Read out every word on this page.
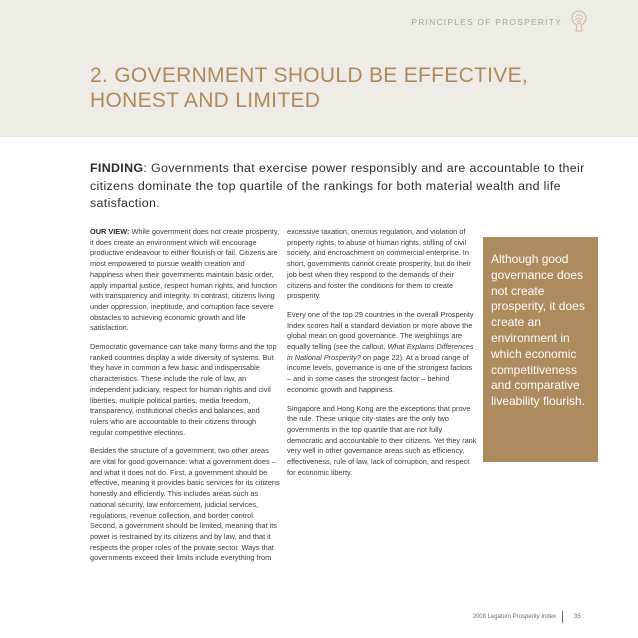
PRINCIPLES OF PROSPERITY
2. GOVERNMENT SHOULD BE EFFECTIVE,
HONEST AND LIMITED
FINDING: Governments that exercise power responsibly and are accountable to their citizens dominate the top quartile of the rankings for both material wealth and life satisfaction.

OUR VIEW: While government does not create prosperity, it does create an environment which will encourage productive endeavour to either flourish or fail. Citizens are most empowered to pursue wealth creation and happiness when their governments maintain basic order, apply impartial justice, respect human rights, and function with transparency and integrity. In contrast, citizens living under oppression, ineptitude, and corruption face severe obstacles to achieving economic growth and life satisfaction.

Democratic governance can take many forms and the top ranked countries display a wide diversity of systems. But they have in common a few basic and indispensable characteristics. These include the rule of law, an independent judiciary, respect for human rights and civil liberties, multiple political parties, media freedom, transparency, institutional checks and balances, and rulers who are accountable to their citizens through regular competitive elections.

Besides the structure of a government, two other areas are vital for good governance: what a government does – and what it does not do. First, a government should be effective, meaning it provides basic services for its citizens honestly and efficiently. This includes areas such as national security, law enforcement, judicial services, regulations, revenue collection, and border control. Second, a government should be limited, meaning that its power is restrained by its citizens and by law, and that it respects the proper roles of the private sector. Ways that governments exceed their limits include everything from

excessive taxation, onerous regulation, and violation of property rights, to abuse of human rights, stifling of civil society, and encroachment on commercial enterprise. In short, governments cannot create prosperity, but do their job best when they respond to the demands of their citizens and foster the conditions for them to create prosperity.

Every one of the top 29 countries in the overall Prosperity Index scores half a standard deviation or more above the global mean on good governance. The weightings are equally telling (see the callout, What Explains Differences in National Prosperity? on page 22). At a broad range of income levels, governance is one of the strongest factors – and in some cases the strongest factor – behind economic growth and happiness.

Singapore and Hong Kong are the exceptions that prove the rule. These unique city-states are the only two governments in the top quartile that are not fully democratic and accountable to their citizens. Yet they rank very well in other governance areas such as efficiency, effectiveness, rule of law, lack of corruption, and respect for economic liberty.

Although good governance does not create prosperity, it does create an environment in which economic competitiveness and comparative liveability flourish.
2008 Legatum Prosperity Index	35
